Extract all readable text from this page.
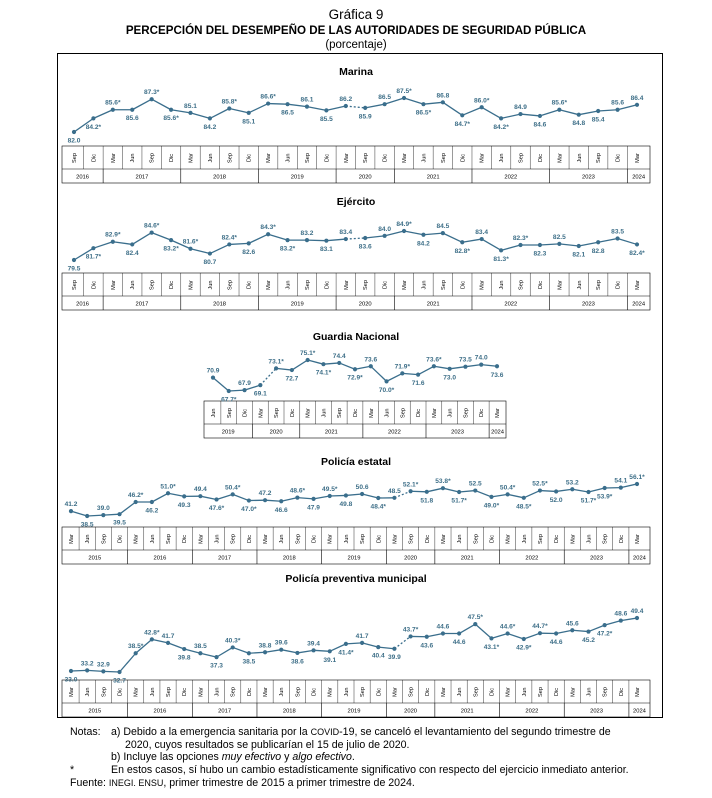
Gráfica 9
PERCEPCIÓN DEL DESEMPEÑO DE LAS AUTORIDADES DE SEGURIDAD PÚBLICA
(porcentaje)
Marina
Sep Dic Mar Jun Sep Dic Mar Jun Sep Dic Mar Jun Sep Dic Mar Sep Dic Mar Jun Sep Dic Mar Jun Sep Dic Mar Jun Sep Dic Mar
2016	2017	2018	2019	2020	2021	2022	2023	2024
82.0
84.2*
85.6*
85.6
87.3*
85.6*
85.1
84.2
85.8*
85.1
86.6*
86.5
86.1
85.5
86.2
85.9
86.5
87.5*
86.5*
86.8
84.7*
86.0*
84.2*
84.9
84.6
85.6*
84.8
85.4
85.6
86.4
Ejército
Sep Dic Mar Jun Sep Dic Mar Jun Sep Dic Mar Jun Sep Dic Mar Sep Dic Mar Jun Sep Dic Mar Jun Sep Dic Mar Jun Sep Dic Mar
2016	2017	2018	2019	2020	2021	2022	2023	2024
79.5
81.7*
82.9*
82.4
84.6*
83.2*
81.6*
80.7
82.4*
82.6
84.3*
83.2*
83.2
83.1
83.4
83.6
84.0
84.9*
84.2
84.5
82.8*
83.4
81.3*
82.3*
82.3
82.5
82.1
82.8
83.5
82.4*
Guardia Nacional
Jun Sep Dic Mar Sep Dic Mar Jun Sep Dic Mar Jun Sep Dic Mar Jun Sep Dic Mar
2019	2020	2021	2022	2023	2024
70.9
67.7*
67.9
69.1
73.1*
72.7
75.1*
74.1*
74.4
72.9*
73.6
70.0*
71.9*
71.6
73.6*
73.0
73.5 74.0
73.6
Policía estatal
Mar Jun Sep Dic Mar Jun Sep Dic Mar Jun Sep Dic Mar Jun Sep Dic Mar Jun Sep Dic Mar Sep Dic Mar Jun Sep Dic Mar Jun Sep Dic Mar Jun Sep Dic Mar
2015	2016	2017	2018	2019	2020	2021	2022	2023	2024
41.2
38.5
39.0
39.5
46.2*
46.2
51.0*
49.3
49.4
47.6*
50.4*
47.0*
47.2
46.6
48.6*
47.9
49.5*
49.8
50.6
48.4*
48.5
52.1*
51.8
53.8*
51.7*
52.5
49.0*
50.4*
48.5*
52.5*
52.0
53.2
51.7*
53.9*
54.1
56.1*
Policía preventiva municipal
Mar Jun Sep Dic Mar Jun Sep Dic Mar Jun Sep Dic Mar Jun Sep Dic Mar Jun Sep Dic Mar Sep Dic Mar Jun Sep Dic Mar Jun Sep Dic Mar Jun Sep Dic Mar
2015	2016	2017	2018	2019	2020	2021	2022	2023	2024
33.0
33.2 32.9
32.7
38.5*
42.8*
41.7
39.8
38.5
37.3
40.3*
38.5
38.8 39.6
38.6
39.4
39.1
41.4*
41.7
40.4 39.9
43.7*
43.6
44.6
44.6
47.5*
43.1*
44.6*
42.9*
44.7*
44.6
45.6
45.2
47.2*
48.6 49.4
Notas: a) Debido a la emergencia sanitaria por la COVID-19, se canceló el levantamiento del segundo trimestre de
2020, cuyos resultados se publicarían el 15 de julio de 2020.
b) Incluye las opciones muy efectivo y algo efectivo.
*	En estos casos, sí hubo un cambio estadísticamente significativo con respecto del ejercicio inmediato anterior.
Fuente: INEGI. ENSU, primer trimestre de 2015 a primer trimestre de 2024.
